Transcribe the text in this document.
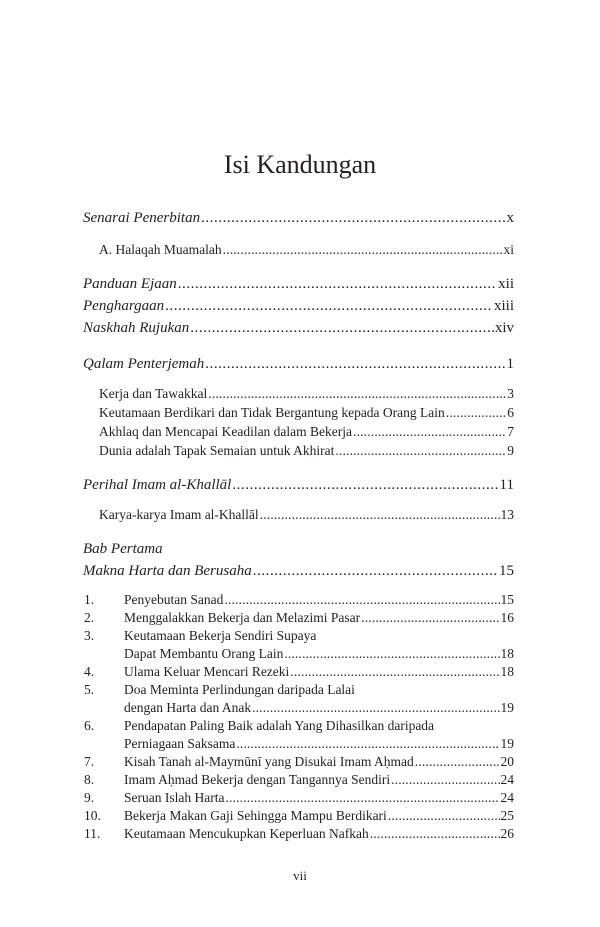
Isi Kandungan
Senarai Penerbitan . . .	x
A. Halaqah Muamalah . . .	xi
Panduan Ejaan . . .	xii
Penghargaan . . .	xiii
Naskhah Rujukan . . .	xiv
Qalam Penterjemah . . .	1
Kerja dan Tawakkal . . .	3
Keutamaan Berdikari dan Tidak Bergantung kepada Orang Lain . . .	6
Akhlaq dan Mencapai Keadilan dalam Bekerja . . .	7
Dunia adalah Tapak Semaian untuk Akhirat . . .	9
Perihal Imam al-Khallāl . . .	11
Karya-karya Imam al-Khallāl . . .	13
Bab Pertama
Makna Harta dan Berusaha . . .	15
1. Penyebutan Sanad . . .	15
2. Menggalakkan Bekerja dan Melazimi Pasar . . .	16
3. Keutamaan Bekerja Sendiri Supaya
Dapat Membantu Orang Lain . . .	18
4. Ulama Keluar Mencari Rezeki . . .	18
5. Doa Meminta Perlindungan daripada Lalai
dengan Harta dan Anak . . .	19
6. Pendapatan Paling Baik adalah Yang Dihasilkan daripada
Perniagaan Saksama . . .	19
7. Kisah Tanah al-Maymūnī yang Disukai Imam Aḥmad . . .	20
8. Imam Aḥmad Bekerja dengan Tangannya Sendiri . . .	24
9. Seruan Islah Harta . . .	24
10. Bekerja Makan Gaji Sehingga Mampu Berdikari . . .	25
11. Keutamaan Mencukupkan Keperluan Nafkah . . .	26
vii
